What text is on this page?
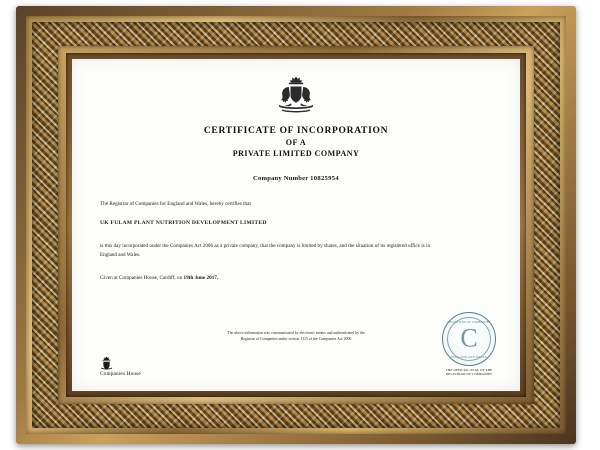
CERTIFICATE OF INCORPORATION
OF A
PRIVATE LIMITED COMPANY
Company Number 10825954
The Registrar of Companies for England and Wales, hereby certifies that
UK FULAM PLANT NUTRITION DEVELOPMENT LIMITED
is this day incorporated under the Companies Act 2006 as a private company, that the company is limited by shares, and the situation of its registered office is in England and Wales.
Given at Companies House, Cardiff, on 19th June 2017.
The above information was communicated by electronic means and authenticated by the
Registrar of Companies under section 1115 of the Companies Act 2006
Companies House
REGISTRAR OF COMPANIES
C
ENGLAND AND WALES
THE OFFICIAL SEAL OF THE
REGISTRAR OF COMPANIES
